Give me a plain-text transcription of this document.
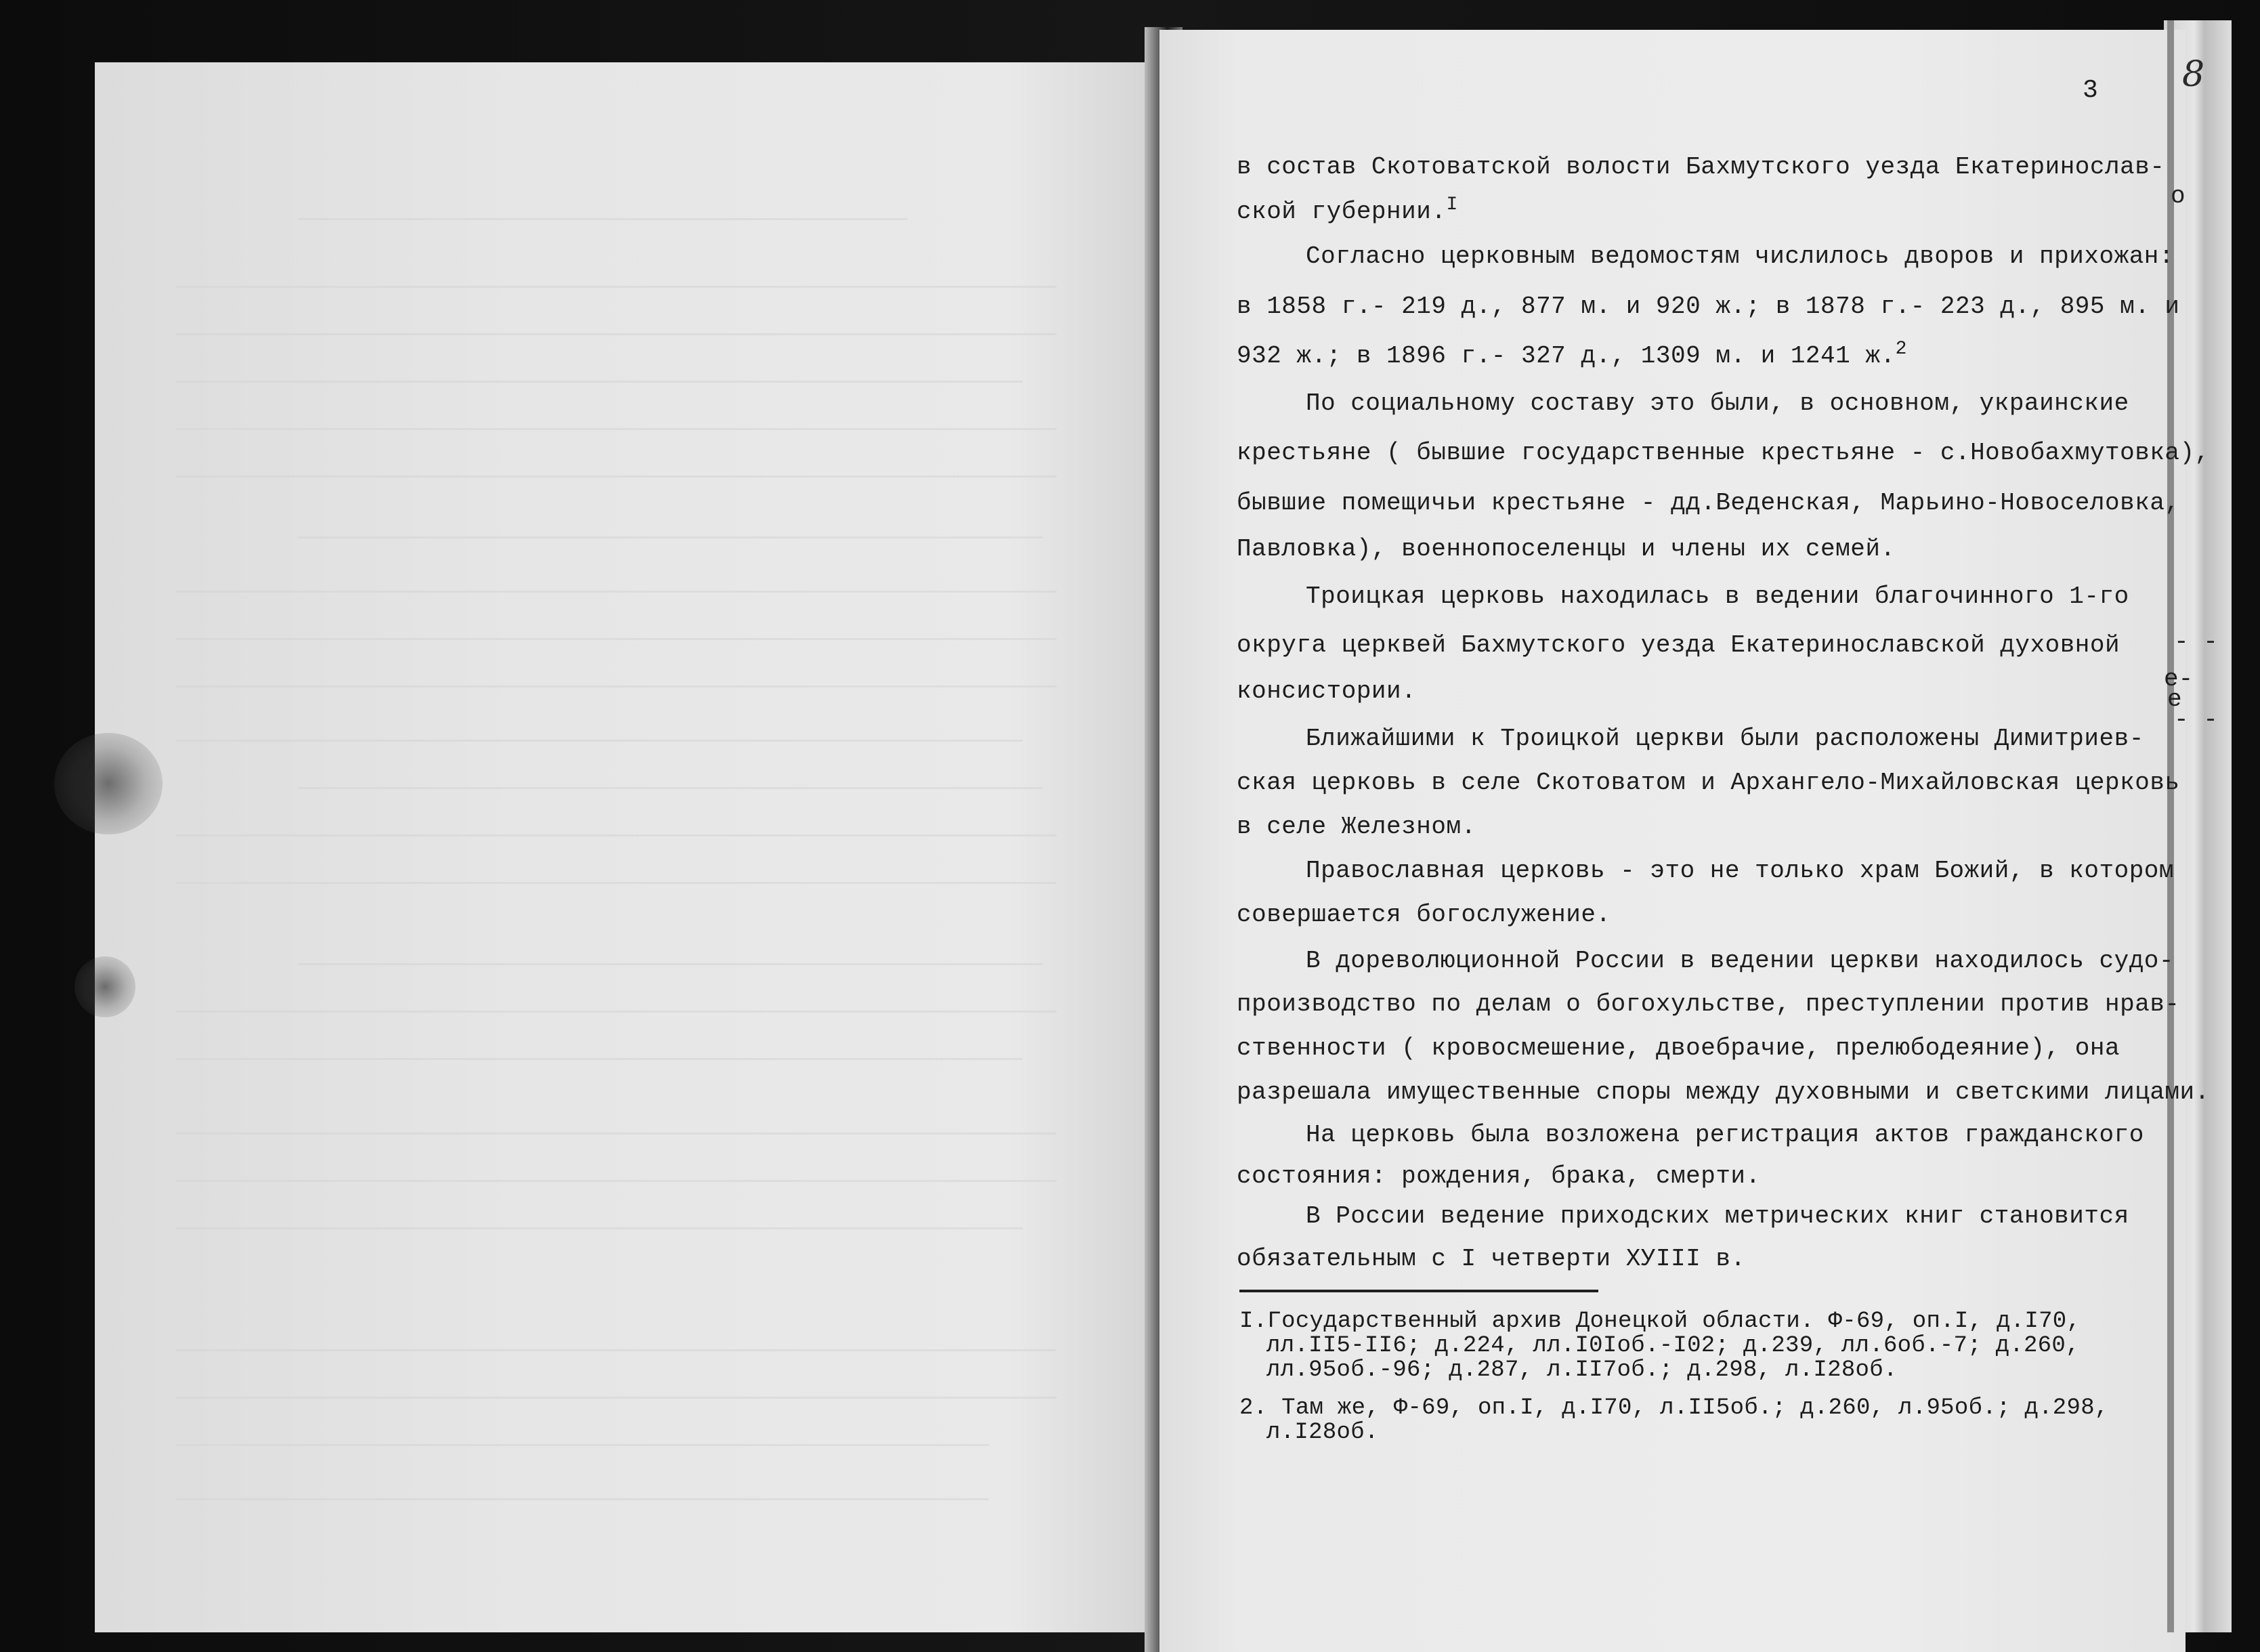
о
- -
е-
е
- -
3 8
в состав Скотоватской волости Бахмутского уезда Екатеринослав-
ской губернии.$^I$
Согласно церковным ведомостям числилось дворов и прихожан:
в 1858 г.- 219 д., 877 м. и 920 ж.; в 1878 г.- 223 д., 895 м. и
932 ж.; в 1896 г.- 327 д., 1309 м. и 1241 ж.$^2$
По социальному составу это были, в основном, украинские
крестьяне ( бывшие государственные крестьяне - с.Новобахмутовка),
бывшие помещичьи крестьяне - дд.Веденская, Марьино-Новоселовка,
Павловка), военнопоселенцы и члены их семей.
Троицкая церковь находилась в ведении благочинного 1-го
округа церквей Бахмутского уезда Екатеринославской духовной
консистории.
Ближайшими к Троицкой церкви были расположены Димитриев-
ская церковь в селе Скотоватом и Архангело-Михайловская церковь
в селе Железном.
Православная церковь - это не только храм Божий, в котором
совершается богослужение.
В дореволюционной России в ведении церкви находилось судо-
производство по делам о богохульстве, преступлении против нрав-
ственности ( кровосмешение, двоебрачие, прелюбодеяние), она
разрешала имущественные споры между духовными и светскими лицами.
На церковь была возложена регистрация актов гражданского
состояния: рождения, брака, смерти.
В России ведение приходских метрических книг становится
обязательным с I четверти ХУIII в.
I.Государственный архив Донецкой области. Ф-69, оп.I, д.I70,
лл.II5-II6; д.224, лл.I0Iоб.-I02; д.239, лл.6об.-7; д.260,
лл.95об.-96; д.287, л.II7об.; д.298, л.I28об.
2. Там же, Ф-69, оп.I, д.I70, л.II5об.; д.260, л.95об.; д.298,
л.I28об.
